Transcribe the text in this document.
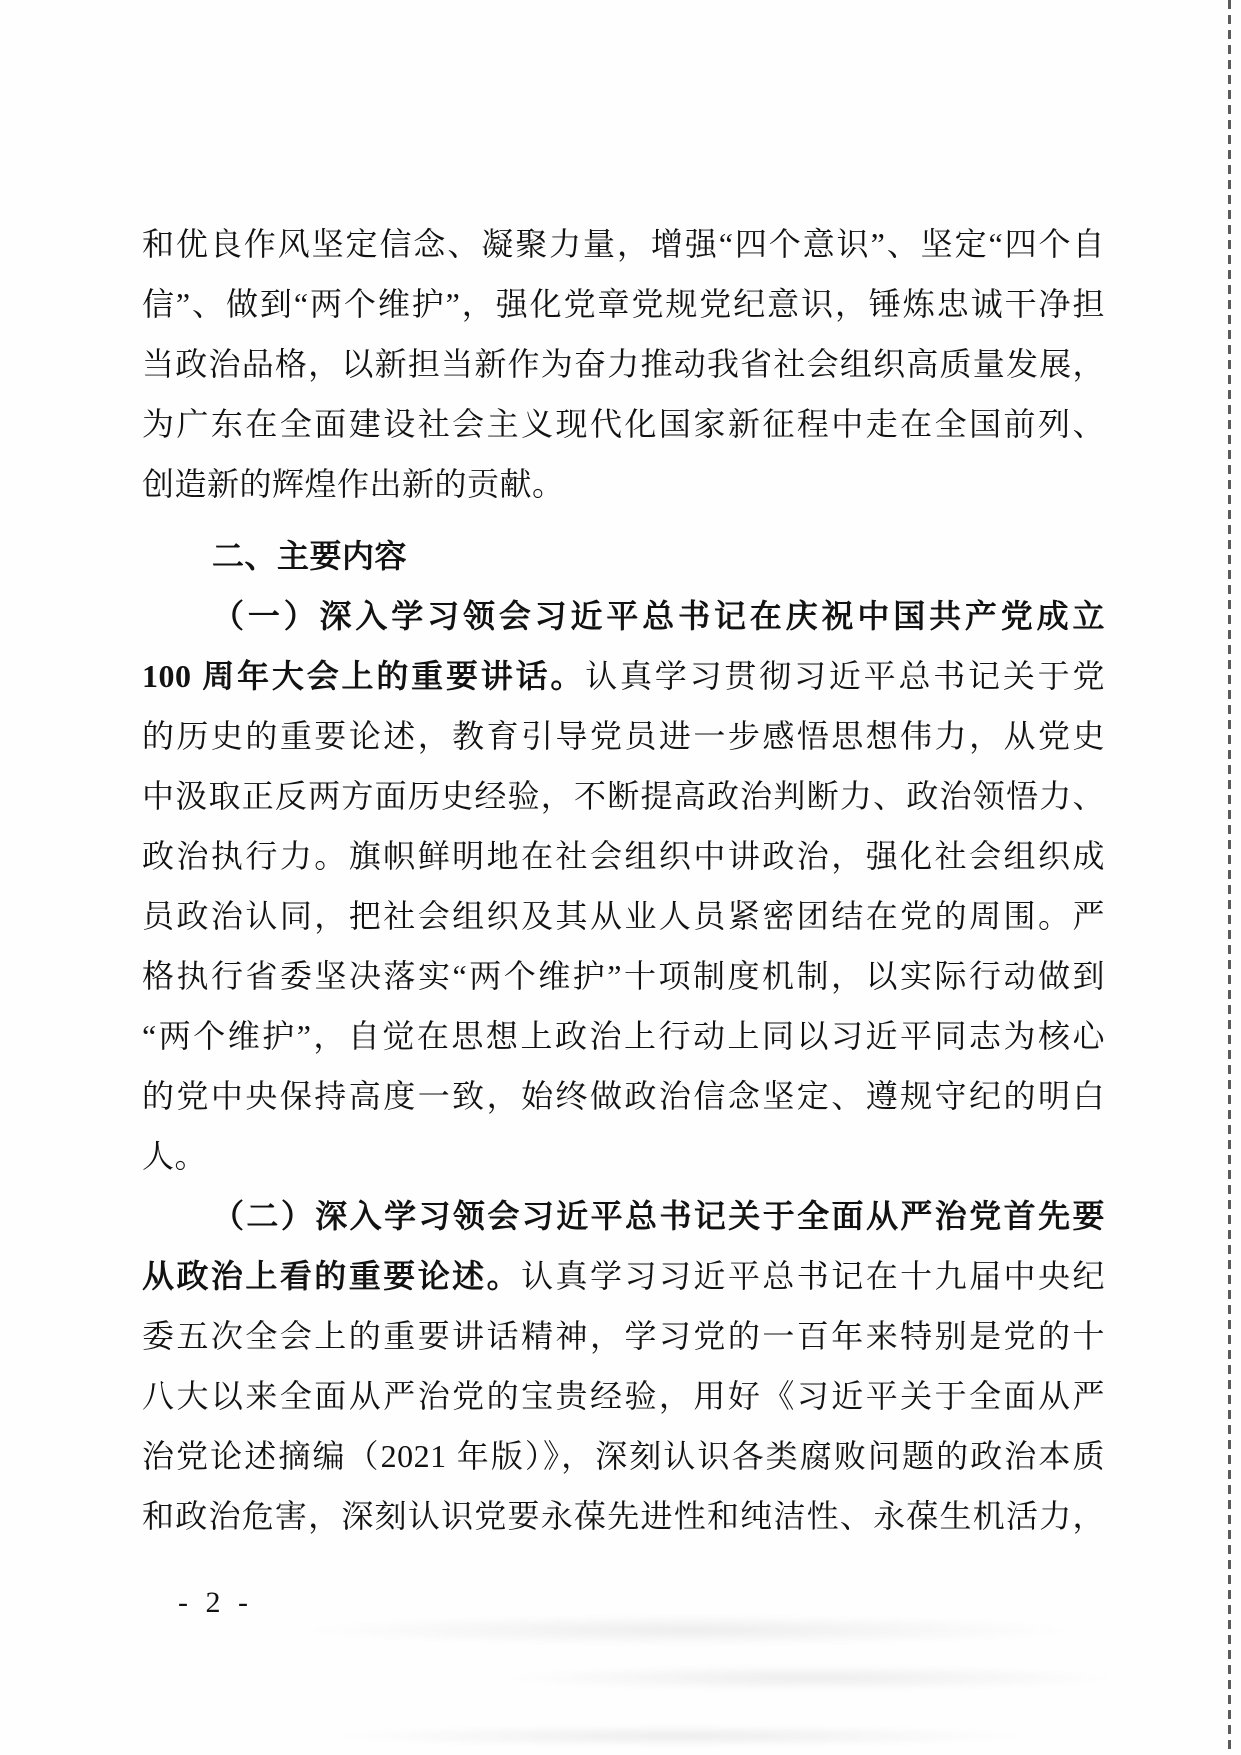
和优良作风坚定信念、凝聚力量，增强“四个意识”、坚定“四个自
信”、做到“两个维护”，强化党章党规党纪意识，锤炼忠诚干净担
当政治品格，以新担当新作为奋力推动我省社会组织高质量发展，
为广东在全面建设社会主义现代化国家新征程中走在全国前列、
创造新的辉煌作出新的贡献。
二、主要内容
（一）深入学习领会习近平总书记在庆祝中国共产党成立
100 周年大会上的重要讲话。认真学习贯彻习近平总书记关于党
的历史的重要论述，教育引导党员进一步感悟思想伟力，从党史
中汲取正反两方面历史经验，不断提高政治判断力、政治领悟力、
政治执行力。旗帜鲜明地在社会组织中讲政治，强化社会组织成
员政治认同，把社会组织及其从业人员紧密团结在党的周围。严
格执行省委坚决落实“两个维护”十项制度机制，以实际行动做到
“两个维护”，自觉在思想上政治上行动上同以习近平同志为核心
的党中央保持高度一致，始终做政治信念坚定、遵规守纪的明白
人。
（二）深入学习领会习近平总书记关于全面从严治党首先要
从政治上看的重要论述。认真学习习近平总书记在十九届中央纪
委五次全会上的重要讲话精神，学习党的一百年来特别是党的十
八大以来全面从严治党的宝贵经验，用好《习近平关于全面从严
治党论述摘编（2021 年版）》，深刻认识各类腐败问题的政治本质
和政治危害，深刻认识党要永葆先进性和纯洁性、永葆生机活力，
- 2 -
